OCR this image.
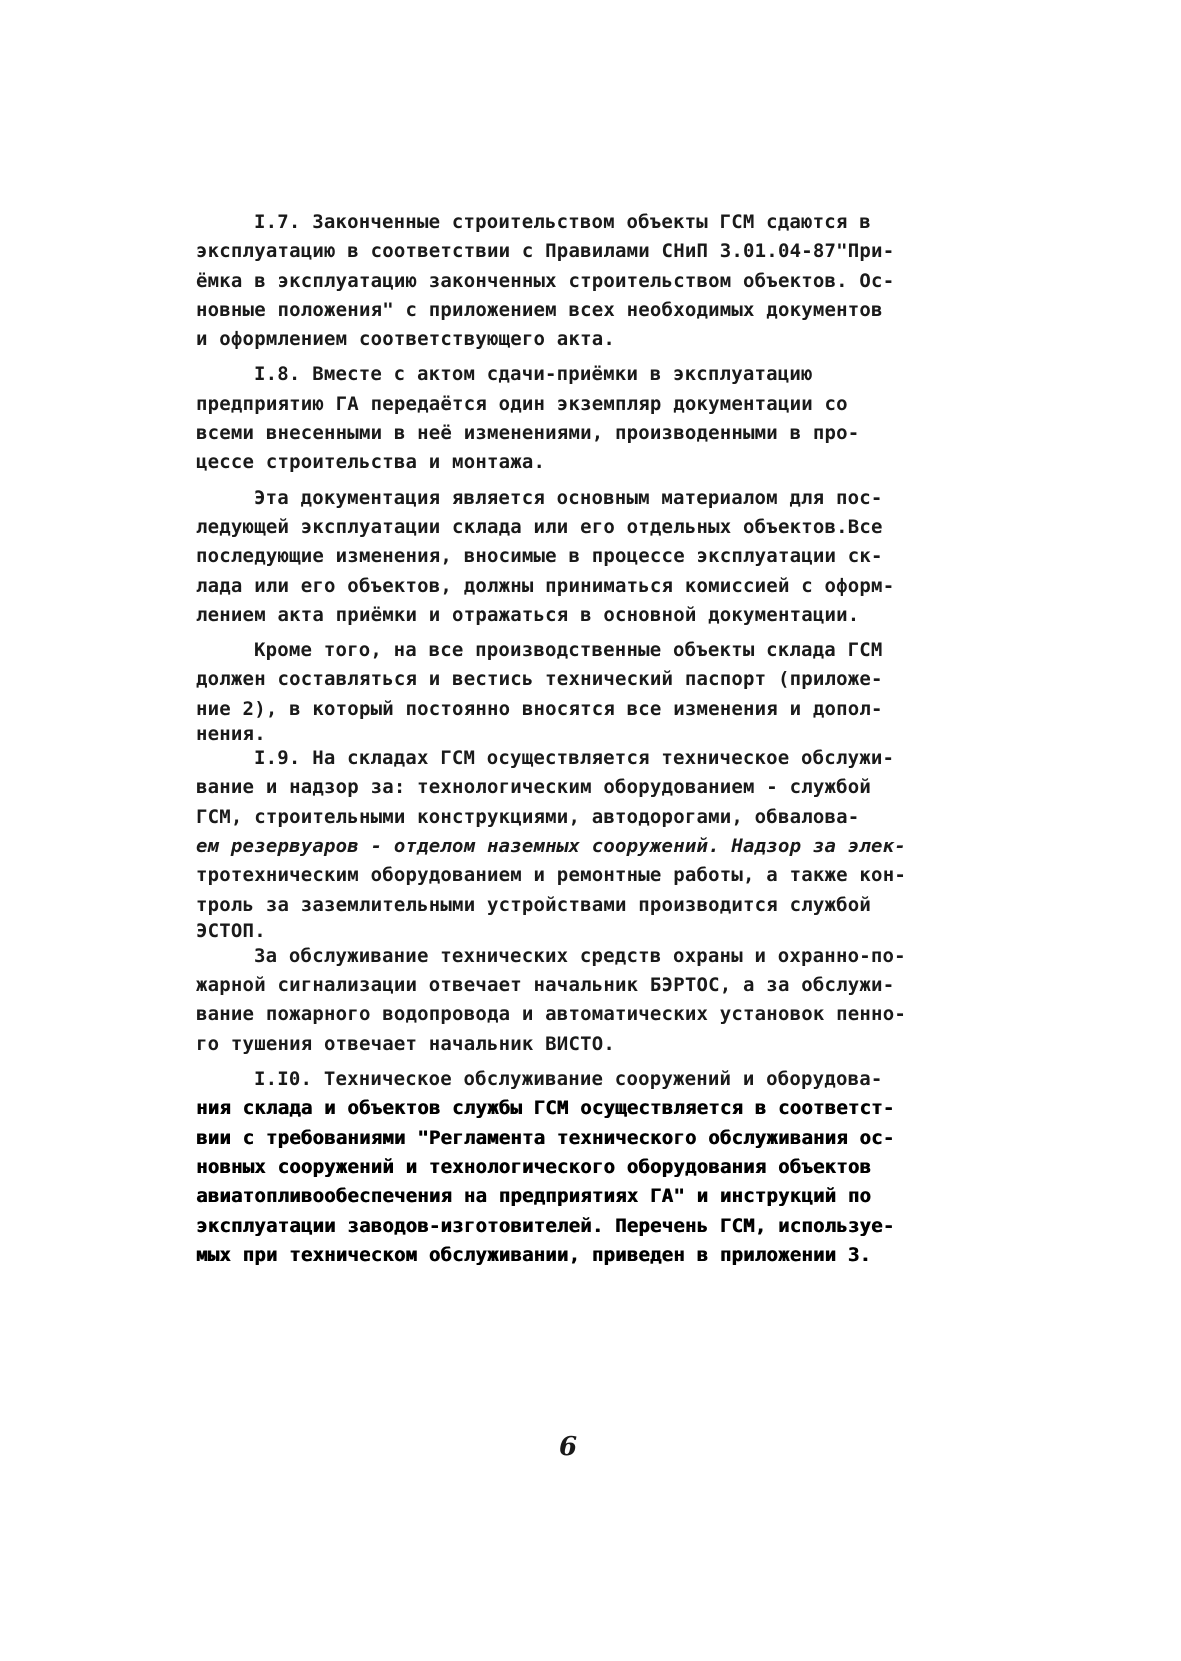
I.7. Законченные строительством объекты ГСМ сдаются в
эксплуатацию в соответствии с Правилами СНиП 3.01.04-87"При-
ёмка в эксплуатацию законченных строительством объектов. Ос-
новные положения" с приложением всех необходимых документов
и оформлением соответствующего акта.
I.8. Вместе с актом сдачи-приёмки в эксплуатацию
предприятию ГА передаётся один экземпляр документации со
всеми внесенными в неё изменениями, производенными в про-
цессе строительства и монтажа.
Эта документация является основным материалом для пос-
ледующей эксплуатации склада или его отдельных объектов.Все
последующие изменения, вносимые в процессе эксплуатации ск-
лада или его объектов, должны приниматься комиссией с оформ-
лением акта приёмки и отражаться в основной документации.
Кроме того, на все производственные объекты склада ГСМ
должен составляться и вестись технический паспорт (приложе-
ние 2), в который постоянно вносятся все изменения и допол-
нения.
I.9. На складах ГСМ осуществляется техническое обслужи-
вание и надзор за: технологическим оборудованием - службой
ГСМ, строительными конструкциями, автодорогами, обвалова-
ем резервуаров - отделом наземных сооружений. Надзор за элек-
тротехническим оборудованием и ремонтные работы, а также кон-
троль за заземлительными устройствами производится службой
ЭСТОП.
За обслуживание технических средств охраны и охранно-по-
жарной сигнализации отвечает начальник БЭРТОС, а за обслужи-
вание пожарного водопровода и автоматических установок пенно-
го тушения отвечает начальник ВИСТО.
I.I0. Техническое обслуживание сооружений и оборудова-
ния склада и объектов службы ГСМ осуществляется в соответст-
вии с требованиями "Регламента технического обслуживания ос-
новных сооружений и технологического оборудования объектов
авиатопливообеспечения на предприятиях ГА" и инструкций по
эксплуатации заводов-изготовителей. Перечень ГСМ, используе-
мых при техническом обслуживании, приведен в приложении 3.
6
